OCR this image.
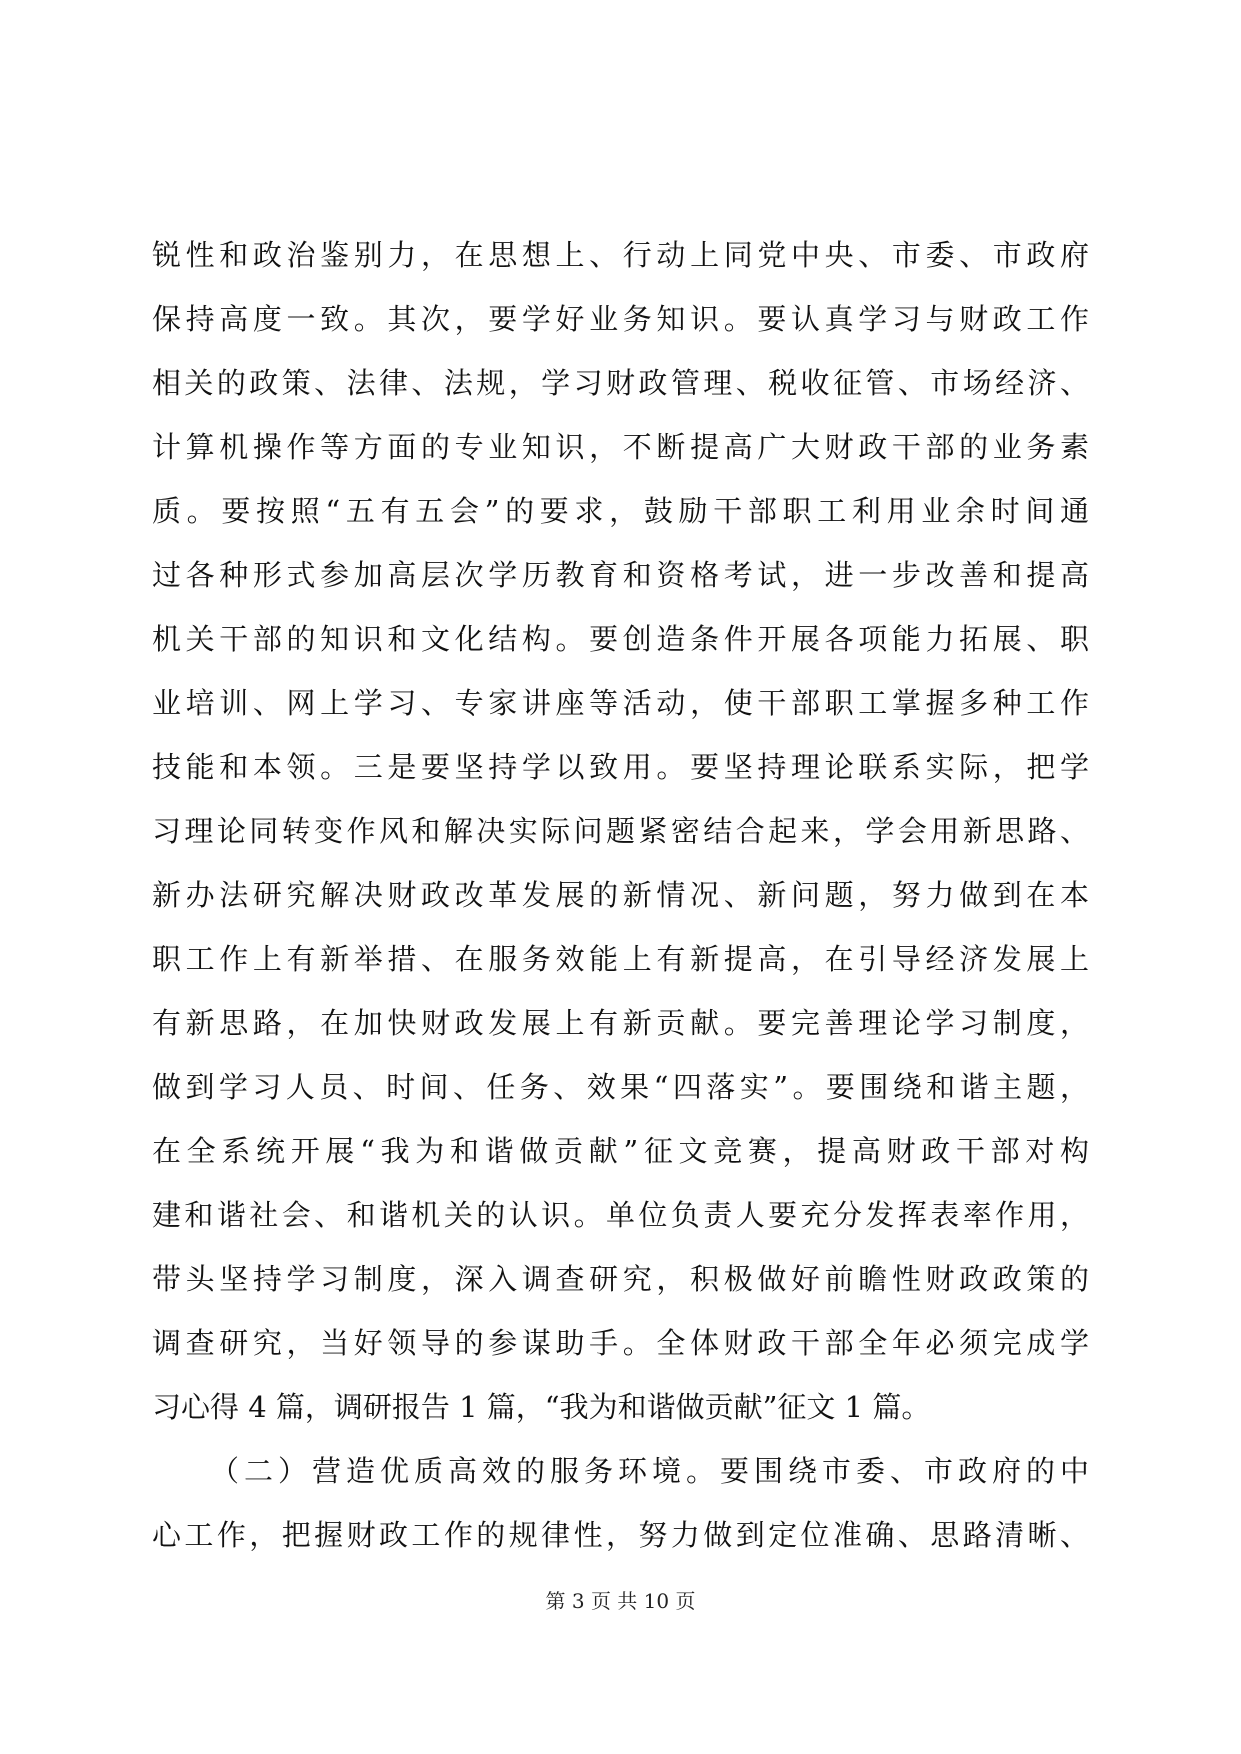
锐性和政治鉴别力，在思想上、行动上同党中央、市委、市政府
保持高度一致。其次，要学好业务知识。要认真学习与财政工作
相关的政策、法律、法规，学习财政管理、税收征管、市场经济、
计算机操作等方面的专业知识，不断提高广大财政干部的业务素
质。要按照“五有五会”的要求，鼓励干部职工利用业余时间通
过各种形式参加高层次学历教育和资格考试，进一步改善和提高
机关干部的知识和文化结构。要创造条件开展各项能力拓展、职
业培训、网上学习、专家讲座等活动，使干部职工掌握多种工作
技能和本领。三是要坚持学以致用。要坚持理论联系实际，把学
习理论同转变作风和解决实际问题紧密结合起来，学会用新思路、
新办法研究解决财政改革发展的新情况、新问题，努力做到在本
职工作上有新举措、在服务效能上有新提高，在引导经济发展上
有新思路，在加快财政发展上有新贡献。要完善理论学习制度，
做到学习人员、时间、任务、效果“四落实”。要围绕和谐主题，
在全系统开展“我为和谐做贡献”征文竞赛，提高财政干部对构
建和谐社会、和谐机关的认识。单位负责人要充分发挥表率作用，
带头坚持学习制度，深入调查研究，积极做好前瞻性财政政策的
调查研究，当好领导的参谋助手。全体财政干部全年必须完成学
习心得 4 篇，调研报告 1 篇，“我为和谐做贡献”征文 1 篇。
（二）营造优质高效的服务环境。要围绕市委、市政府的中
心工作，把握财政工作的规律性，努力做到定位准确、思路清晰、
第 3 页 共 10 页
